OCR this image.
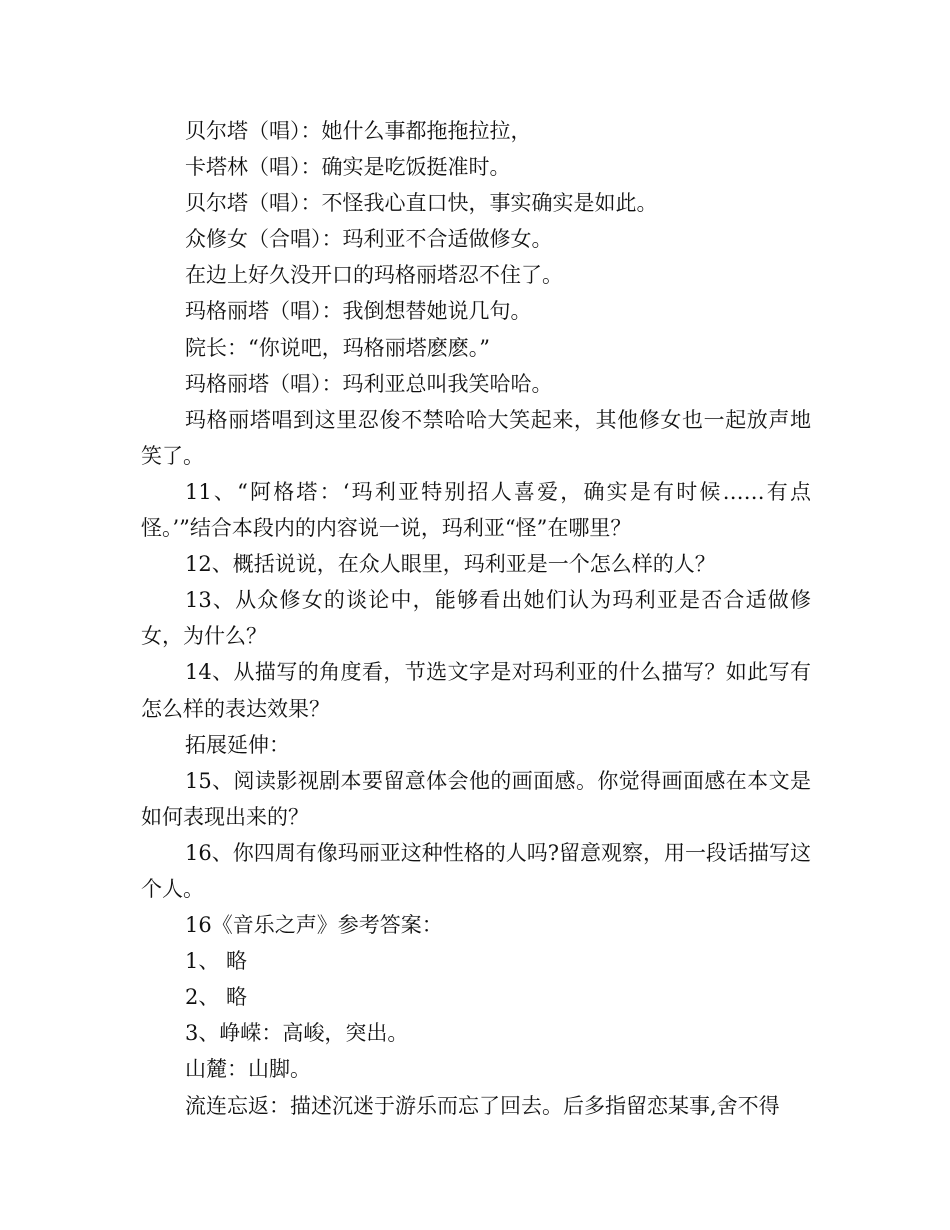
贝尔塔（唱）：她什么事都拖拖拉拉，

卡塔林（唱）：确实是吃饭挺准时。

贝尔塔（唱）：不怪我心直口快，事实确实是如此。

众修女（合唱）：玛利亚不合适做修女。

在边上好久没开口的玛格丽塔忍不住了。

玛格丽塔（唱）：我倒想替她说几句。

院长：“你说吧，玛格丽塔麽麽。”

玛格丽塔（唱）：玛利亚总叫我笑哈哈。

玛格丽塔唱到这里忍俊不禁哈哈大笑起来，其他修女也一起放声地笑了。

11、“阿格塔：‘玛利亚特别招人喜爱，确实是有时候……有点怪。’”结合本段内的内容说一说，玛利亚“怪”在哪里？

12、概括说说，在众人眼里，玛利亚是一个怎么样的人？

13、从众修女的谈论中，能够看出她们认为玛利亚是否合适做修女，为什么？

14、从描写的角度看，节选文字是对玛利亚的什么描写？如此写有怎么样的表达效果？

拓展延伸：

15、阅读影视剧本要留意体会他的画面感。你觉得画面感在本文是如何表现出来的？

16、你四周有像玛丽亚这种性格的人吗?留意观察，用一段话描写这个人。

16《音乐之声》参考答案：

1、 略

2、 略

3、峥嵘：高峻，突出。

山麓：山脚。

流连忘返：描述沉迷于游乐而忘了回去。后多指留恋某事,舍不得
